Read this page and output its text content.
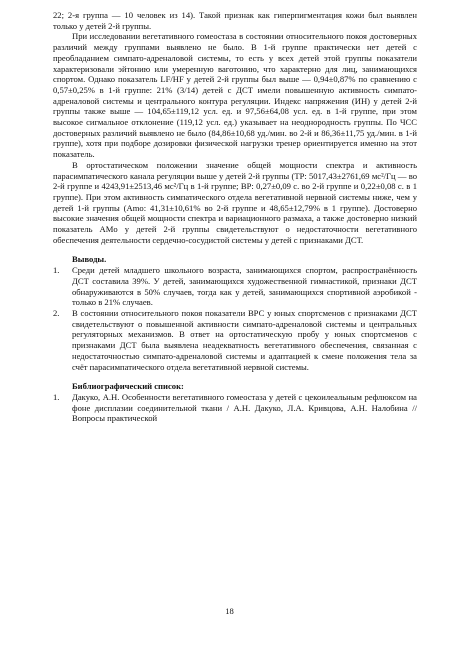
22; 2-я группа — 10 человек из 14). Такой признак как гиперпигментация кожи был выявлен только у детей 2-й группы.

При исследовании вегетативного гомеостаза в состоянии относительного покоя достоверных различий между группами выявлено не было. В 1-й группе практически нет детей с преобладанием симпато-адреналовой системы, то есть у всех детей этой группы показатели характеризовали эйтонию или умеренную ваготонию, что характерно для лиц, занимающихся спортом. Однако показатель LF/HF у детей 2-й группы был выше — 0,94±0,87% по сравнению с 0,57±0,25% в 1-й группе: 21% (3/14) детей с ДСТ имели повышенную активность симпато-адреналовой системы и центрального контура регуляции. Индекс напряжения (ИН) у детей 2-й группы также выше — 104,65±119,12 усл. ед. и 97,56±64,08 усл. ед. в 1-й группе, при этом высокое сигмальное отклонение (119,12 усл. ед.) указывает на неоднородность группы. По ЧСС достоверных различий выявлено не было (84,86±10,68 уд./мин. во 2-й и 86,36±11,75 уд./мин. в 1-й группе), хотя при подборе дозировки физической нагрузки тренер ориентируется именно на этот показатель.

В ортостатическом положении значение общей мощности спектра и активность парасимпатического канала регуляции выше у детей 2-й группы (TP: 5017,43±2761,69 мс²/Гц — во 2-й группе и 4243,91±2513,46 мс²/Гц в 1-й группе; BP: 0,27±0,09 с. во 2-й группе и 0,22±0,08 с. в 1 группе). При этом активность симпатического отдела вегетативной нервной системы ниже, чем у детей 1-й группы (Amo: 41,31±10,61% во 2-й группе и 48,65±12,79% в 1 группе). Достоверно высокие значения общей мощности спектра и вариационного размаха, а также достоверно низкий показатель AMo у детей 2-й группы свидетельствуют о недостаточности вегетативного обеспечения деятельности сердечно-сосудистой системы у детей с признаками ДСТ.

Выводы.
1.	Среди детей младшего школьного возраста, занимающихся спортом, распространённость ДСТ составила 39%. У детей, занимающихся художественной гимнастикой, признаки ДСТ обнаруживаются в 50% случаев, тогда как у детей, занимающихся спортивной аэробикой - только в 21% случаев.
2.	В состоянии относительного покоя показатели ВРС у юных спортсменов с признаками ДСТ свидетельствуют о повышенной активности симпато-адреналовой системы и центральных регуляторных механизмов. В ответ на ортостатическую пробу у юных спортсменов с признаками ДСТ была выявлена неадекватность вегетативного обеспечения, связанная с недостаточностью симпато-адреналовой системы и адаптацией к смене положения тела за счёт парасимпатического отдела вегетативной нервной системы.
Библиографический список:
1.	Дакуко, А.Н. Особенности вегетативного гомеостаза у детей с цекоилеальным рефлюксом на фоне дисплазии соединительной ткани / А.Н. Дакуко, Л.А. Кривцова, А.Н. Налобина // Вопросы практической
18
